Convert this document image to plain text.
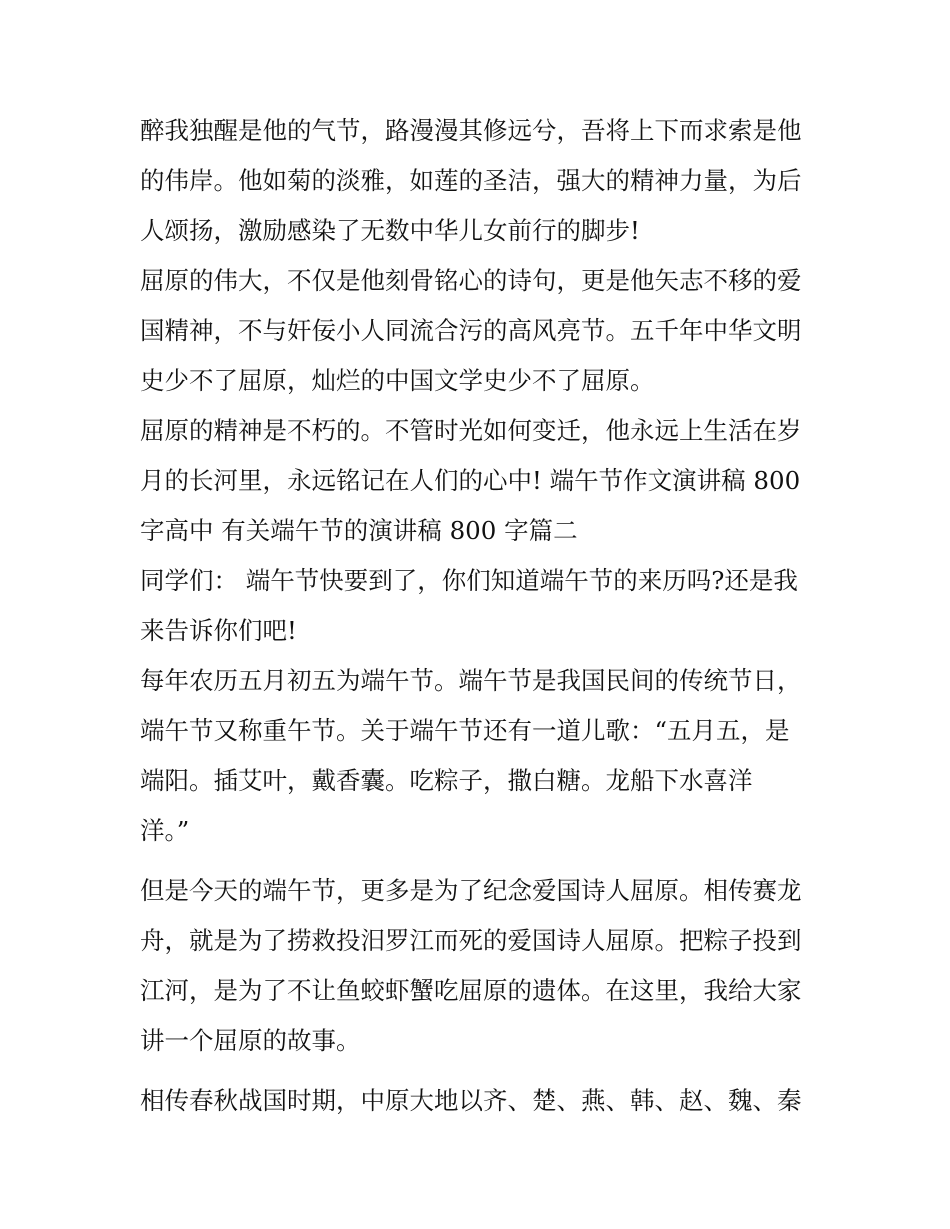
醉我独醒是他的气节，路漫漫其修远兮，吾将上下而求索是他
的伟岸。他如菊的淡雅，如莲的圣洁，强大的精神力量，为后
人颂扬，激励感染了无数中华儿女前行的脚步!
屈原的伟大，不仅是他刻骨铭心的诗句，更是他矢志不移的爱
国精神，不与奸佞小人同流合污的高风亮节。五千年中华文明
史少不了屈原，灿烂的中国文学史少不了屈原。
屈原的精神是不朽的。不管时光如何变迁，他永远上生活在岁
月的长河里，永远铭记在人们的心中! 端午节作文演讲稿 800
字高中 有关端午节的演讲稿 800 字篇二
同学们： 端午节快要到了，你们知道端午节的来历吗?还是我
来告诉你们吧!
每年农历五月初五为端午节。端午节是我国民间的传统节日，
端午节又称重午节。关于端午节还有一道儿歌：“五月五，是
端阳。插艾叶，戴香囊。吃粽子，撒白糖。龙船下水喜洋
洋。”
但是今天的端午节，更多是为了纪念爱国诗人屈原。相传赛龙
舟，就是为了捞救投汨罗江而死的爱国诗人屈原。把粽子投到
江河，是为了不让鱼蛟虾蟹吃屈原的遗体。在这里，我给大家
讲一个屈原的故事。
相传春秋战国时期，中原大地以齐、楚、燕、韩、赵、魏、秦
